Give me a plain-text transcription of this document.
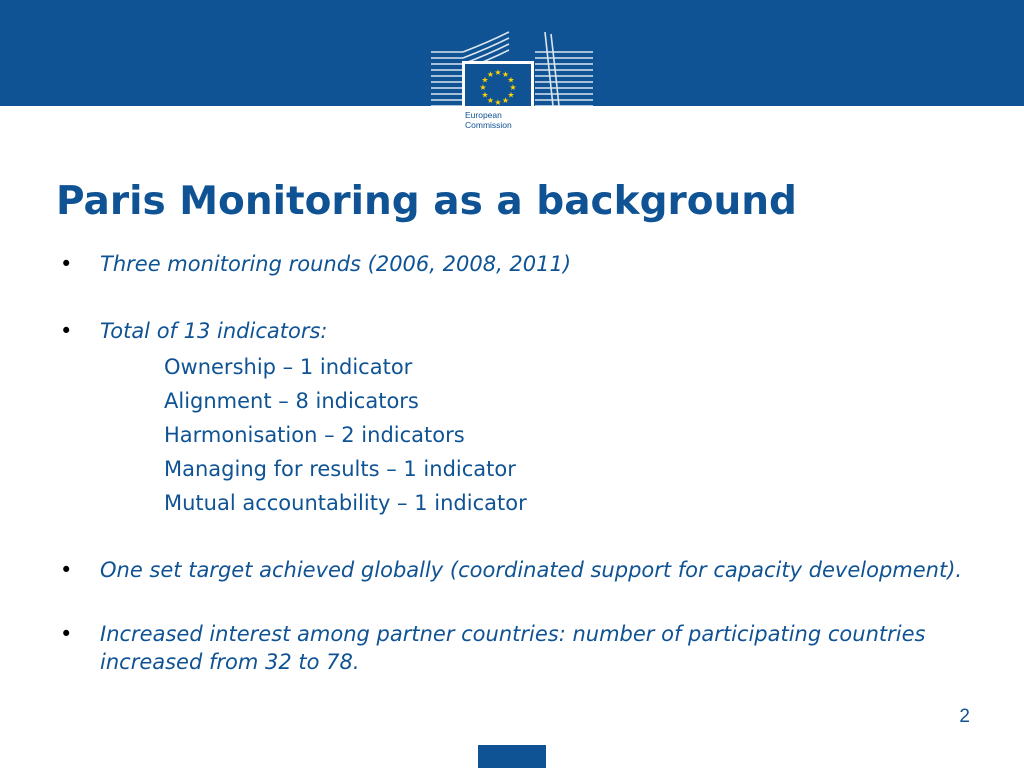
★ ★
★
★
★
★
★
★
★
★
★
★
European
Commission
Paris Monitoring as a background
• Three monitoring rounds (2006, 2008, 2011)
• Total of 13 indicators:
Ownership – 1 indicator
Alignment – 8 indicators
Harmonisation – 2 indicators
Managing for results – 1 indicator
Mutual accountability – 1 indicator
• One set target achieved globally (coordinated support for capacity development).
• Increased interest among partner countries: number of participating countries increased from 32 to 78.
2
